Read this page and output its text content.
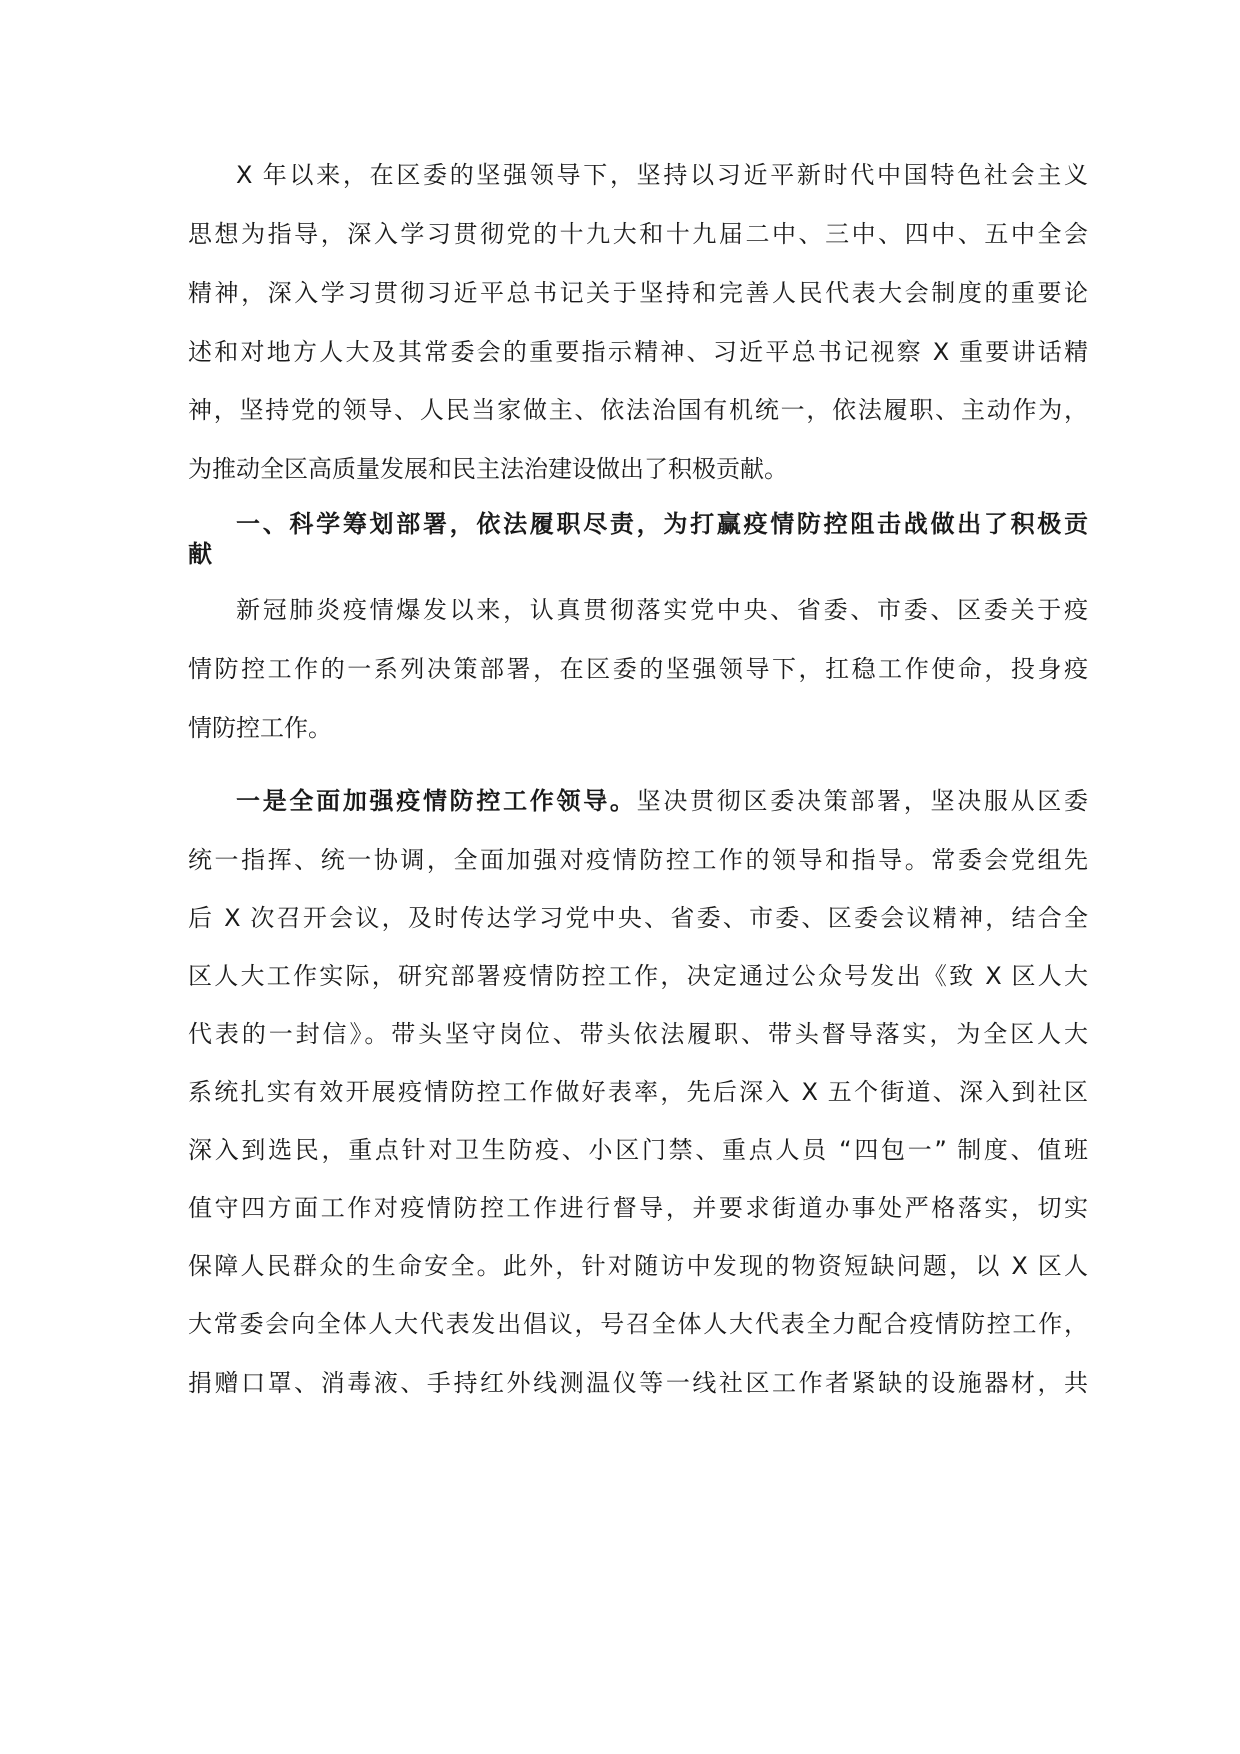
X 年以来，在区委的坚强领导下，坚持以习近平新时代中国特色社会主义
思想为指导，深入学习贯彻党的十九大和十九届二中、三中、四中、五中全会
精神，深入学习贯彻习近平总书记关于坚持和完善人民代表大会制度的重要论
述和对地方人大及其常委会的重要指示精神、习近平总书记视察 X 重要讲话精
神，坚持党的领导、人民当家做主、依法治国有机统一，依法履职、主动作为，
为推动全区高质量发展和民主法治建设做出了积极贡献。
一、科学筹划部署，依法履职尽责，为打赢疫情防控阻击战做出了积极贡
献
新冠肺炎疫情爆发以来，认真贯彻落实党中央、省委、市委、区委关于疫
情防控工作的一系列决策部署，在区委的坚强领导下，扛稳工作使命，投身疫
情防控工作。
一是全面加强疫情防控工作领导。坚决贯彻区委决策部署，坚决服从区委
统一指挥、统一协调，全面加强对疫情防控工作的领导和指导。常委会党组先
后 X 次召开会议，及时传达学习党中央、省委、市委、区委会议精神，结合全
区人大工作实际，研究部署疫情防控工作，决定通过公众号发出《致 X 区人大
代表的一封信》。带头坚守岗位、带头依法履职、带头督导落实，为全区人大
系统扎实有效开展疫情防控工作做好表率，先后深入 X 五个街道、深入到社区
深入到选民，重点针对卫生防疫、小区门禁、重点人员 “四包一” 制度、值班
值守四方面工作对疫情防控工作进行督导，并要求街道办事处严格落实，切实
保障人民群众的生命安全。此外，针对随访中发现的物资短缺问题，以 X 区人
大常委会向全体人大代表发出倡议，号召全体人大代表全力配合疫情防控工作，
捐赠口罩、消毒液、手持红外线测温仪等一线社区工作者紧缺的设施器材，共
